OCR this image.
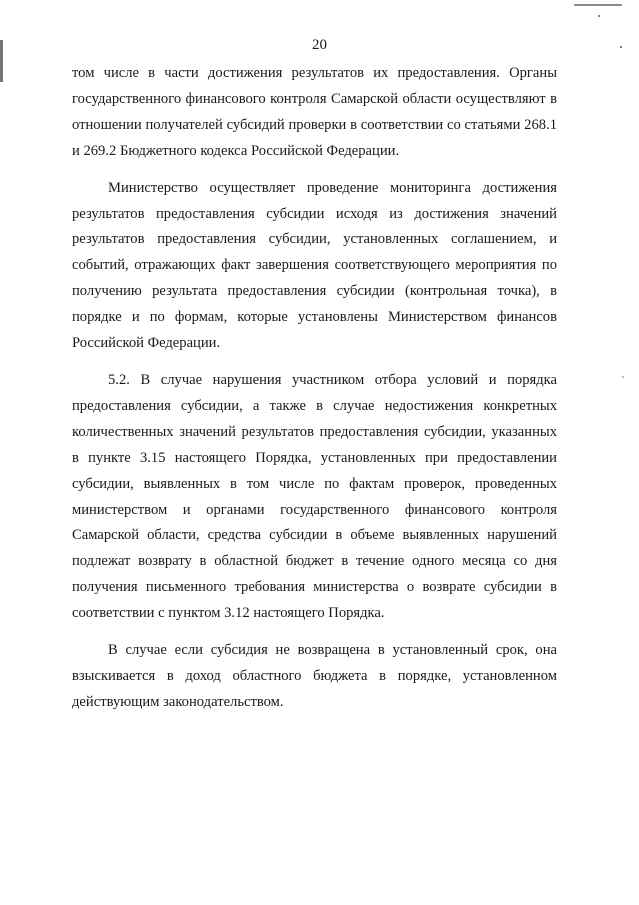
20

том числе в части достижения результатов их предоставления. Органы государственного финансового контроля Самарской области осуществляют в отношении получателей субсидий проверки в соответствии со статьями 268.1 и 269.2 Бюджетного кодекса Российской Федерации.

Министерство осуществляет проведение мониторинга достижения результатов предоставления субсидии исходя из достижения значений результатов предоставления субсидии, установленных соглашением, и событий, отражающих факт завершения соответствующего мероприятия по получению результата предоставления субсидии (контрольная точка), в порядке и по формам, которые установлены Министерством финансов Российской Федерации.

5.2. В случае нарушения участником отбора условий и порядка предоставления субсидии, а также в случае недостижения конкретных количественных значений результатов предоставления субсидии, указанных в пункте 3.15 настоящего Порядка, установленных при предоставлении субсидии, выявленных в том числе по фактам проверок, проведенных министерством и органами государственного финансового контроля Самарской области, средства субсидии в объеме выявленных нарушений подлежат возврату в областной бюджет в течение одного месяца со дня получения письменного требования министерства о возврате субсидии в соответствии с пунктом 3.12 настоящего Порядка.

В случае если субсидия не возвращена в установленный срок, она взыскивается в доход областного бюджета в порядке, установленном действующим законодательством.
